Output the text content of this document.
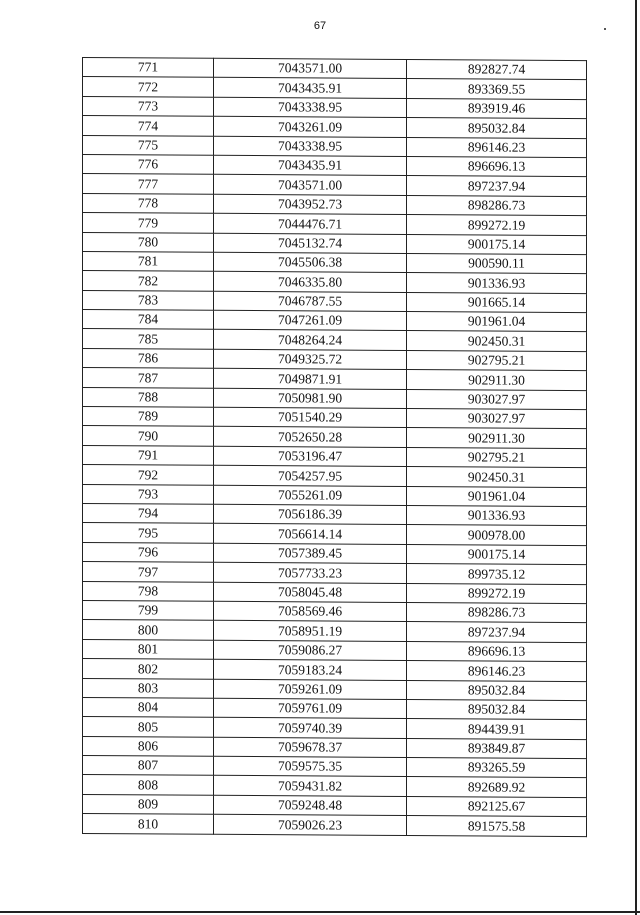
67
771	7043571.00	892827.74
772	7043435.91	893369.55
773	7043338.95	893919.46
774	7043261.09	895032.84
775	7043338.95	896146.23
776	7043435.91	896696.13
777	7043571.00	897237.94
778	7043952.73	898286.73
779	7044476.71	899272.19
780	7045132.74	900175.14
781	7045506.38	900590.11
782	7046335.80	901336.93
783	7046787.55	901665.14
784	7047261.09	901961.04
785	7048264.24	902450.31
786	7049325.72	902795.21
787	7049871.91	902911.30
788	7050981.90	903027.97
789	7051540.29	903027.97
790	7052650.28	902911.30
791	7053196.47	902795.21
792	7054257.95	902450.31
793	7055261.09	901961.04
794	7056186.39	901336.93
795	7056614.14	900978.00
796	7057389.45	900175.14
797	7057733.23	899735.12
798	7058045.48	899272.19
799	7058569.46	898286.73
800	7058951.19	897237.94
801	7059086.27	896696.13
802	7059183.24	896146.23
803	7059261.09	895032.84
804	7059761.09	895032.84
805	7059740.39	894439.91
806	7059678.37	893849.87
807	7059575.35	893265.59
808	7059431.82	892689.92
809	7059248.48	892125.67
810	7059026.23	891575.58
